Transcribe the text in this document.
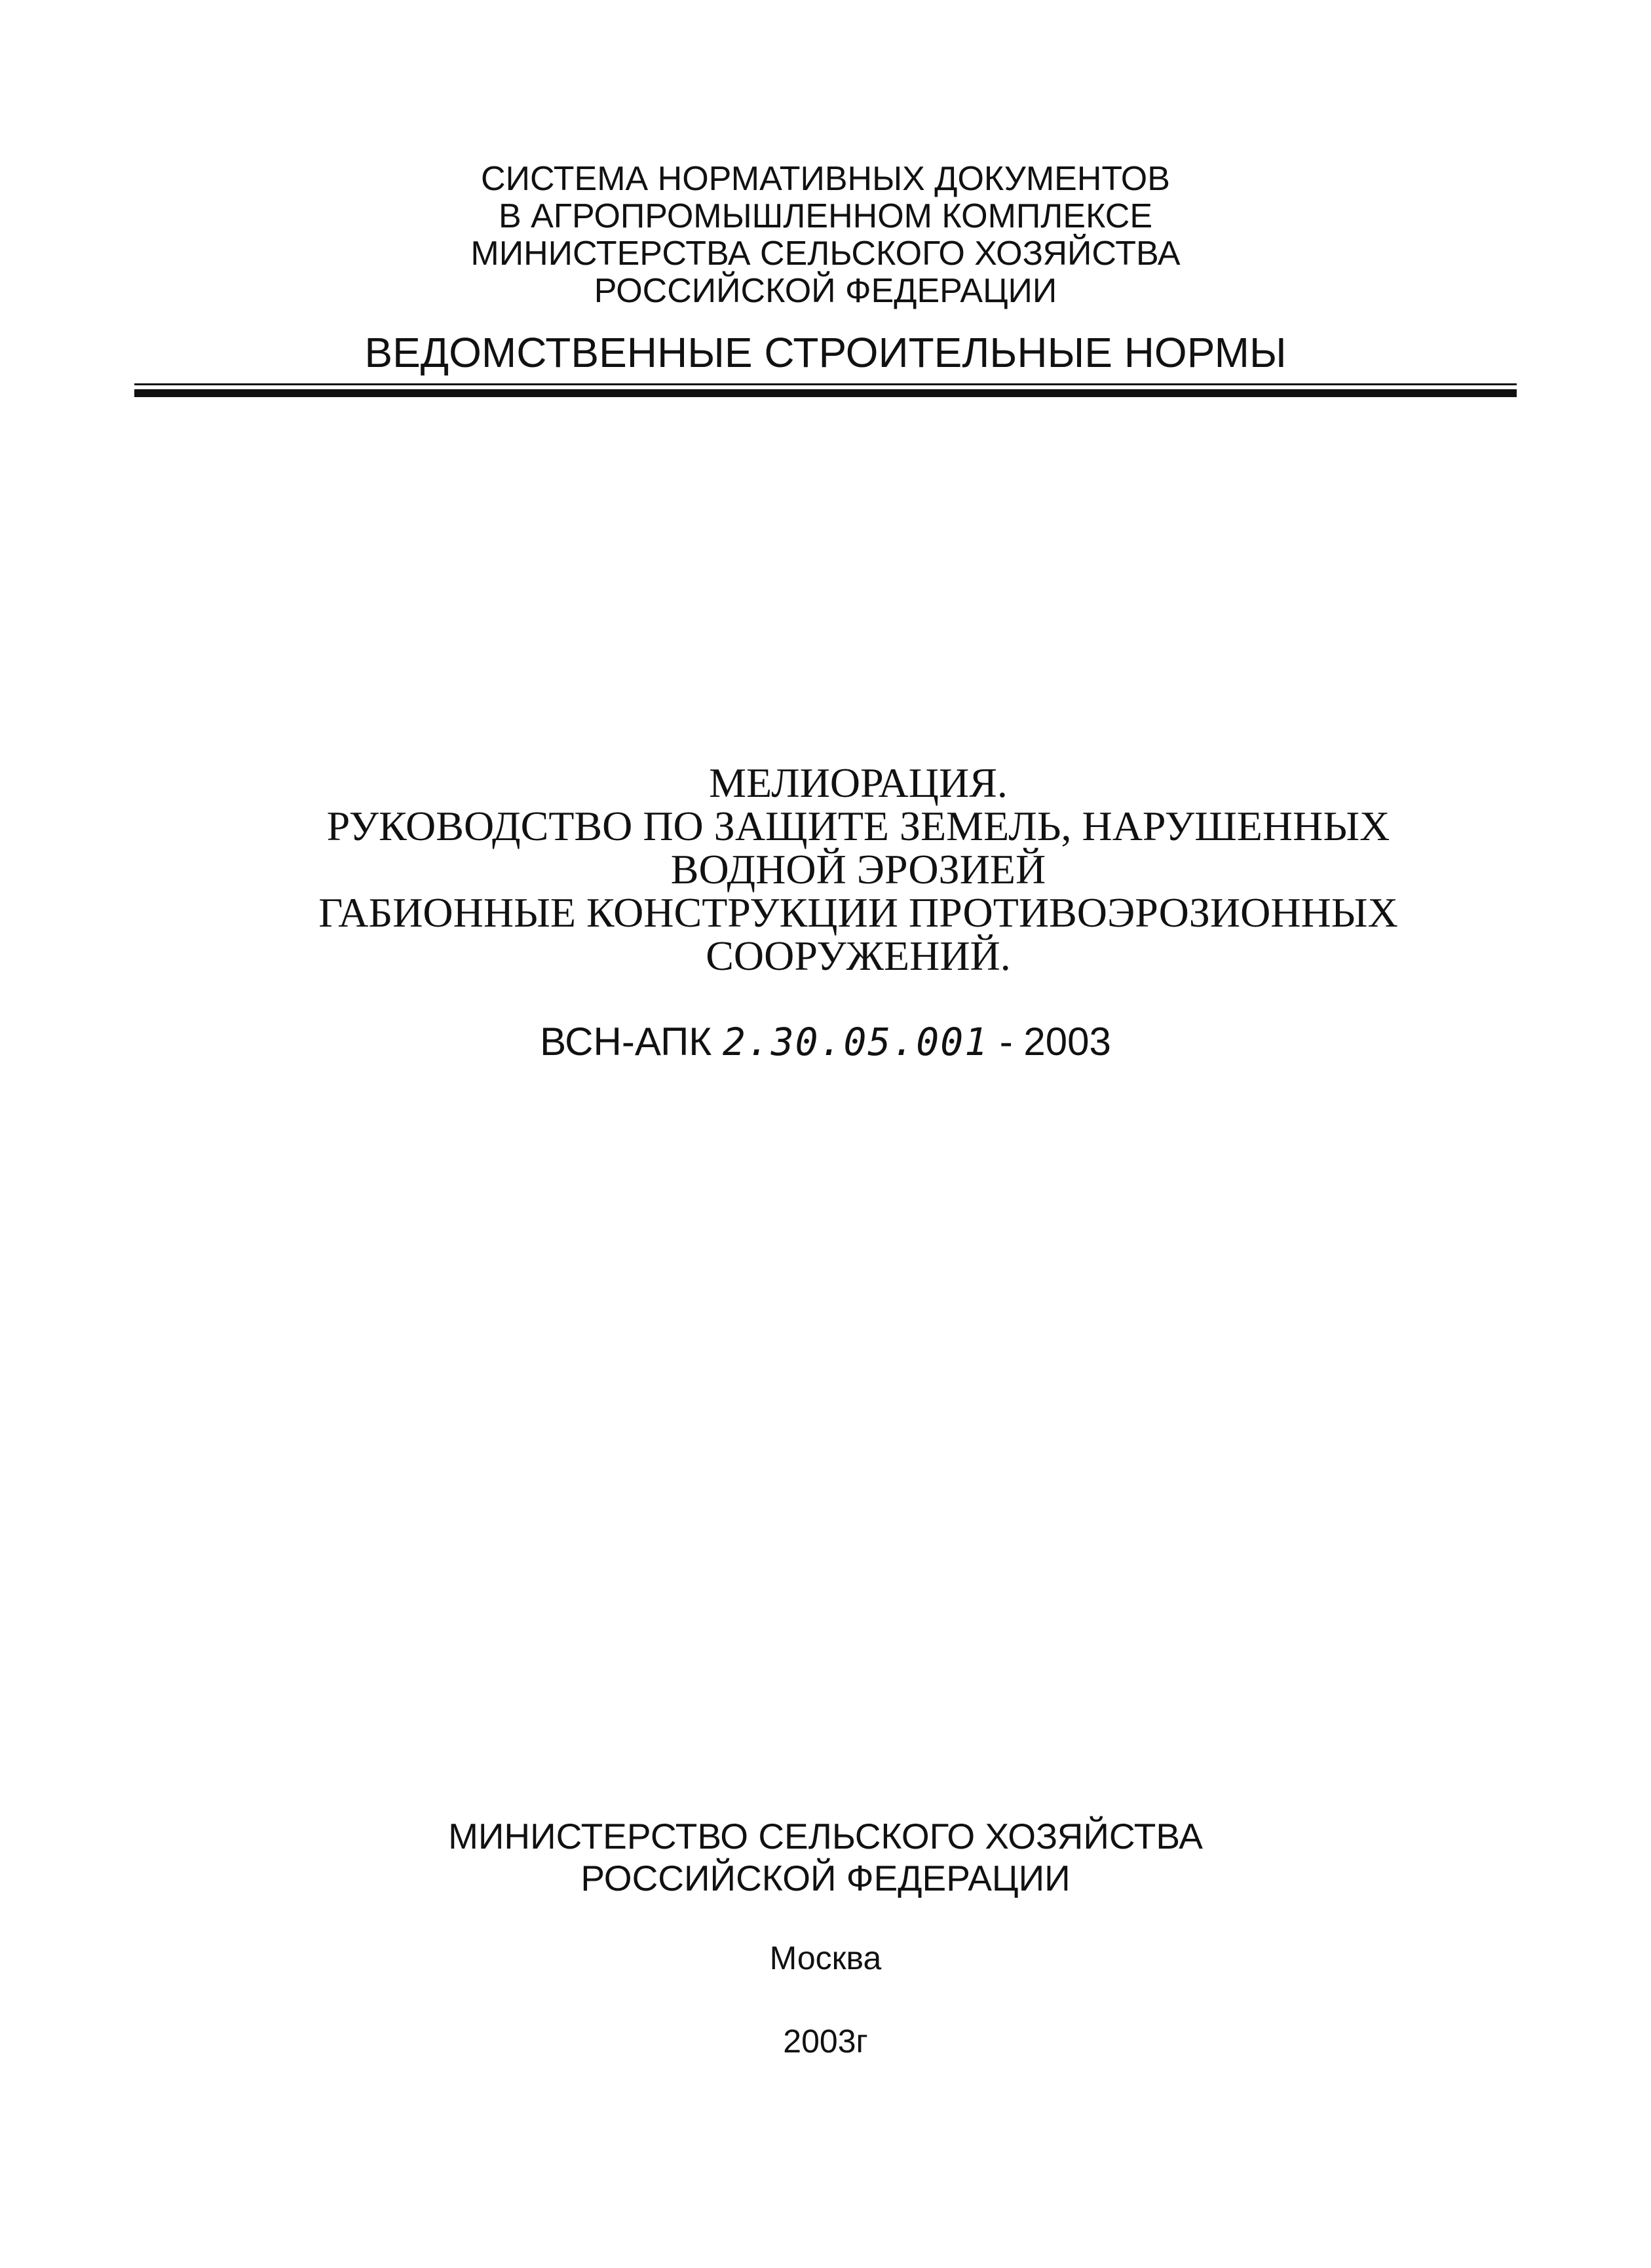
СИСТЕМА НОРМАТИВНЫХ ДОКУМЕНТОВ
В АГРОПРОМЫШЛЕННОМ КОМПЛЕКСЕ
МИНИСТЕРСТВА СЕЛЬСКОГО ХОЗЯЙСТВА
РОССИЙСКОЙ ФЕДЕРАЦИИ
ВЕДОМСТВЕННЫЕ СТРОИТЕЛЬНЫЕ НОРМЫ
МЕЛИОРАЦИЯ.
РУКОВОДСТВО ПО ЗАЩИТЕ ЗЕМЕЛЬ, НАРУШЕННЫХ
ВОДНОЙ ЭРОЗИЕЙ
ГАБИОННЫЕ КОНСТРУКЦИИ ПРОТИВОЭРОЗИОННЫХ
СООРУЖЕНИЙ.
ВСН-АПК 2.30.05.001 - 2003
МИНИСТЕРСТВО СЕЛЬСКОГО ХОЗЯЙСТВА
РОССИЙСКОЙ ФЕДЕРАЦИИ
Москва
2003г
